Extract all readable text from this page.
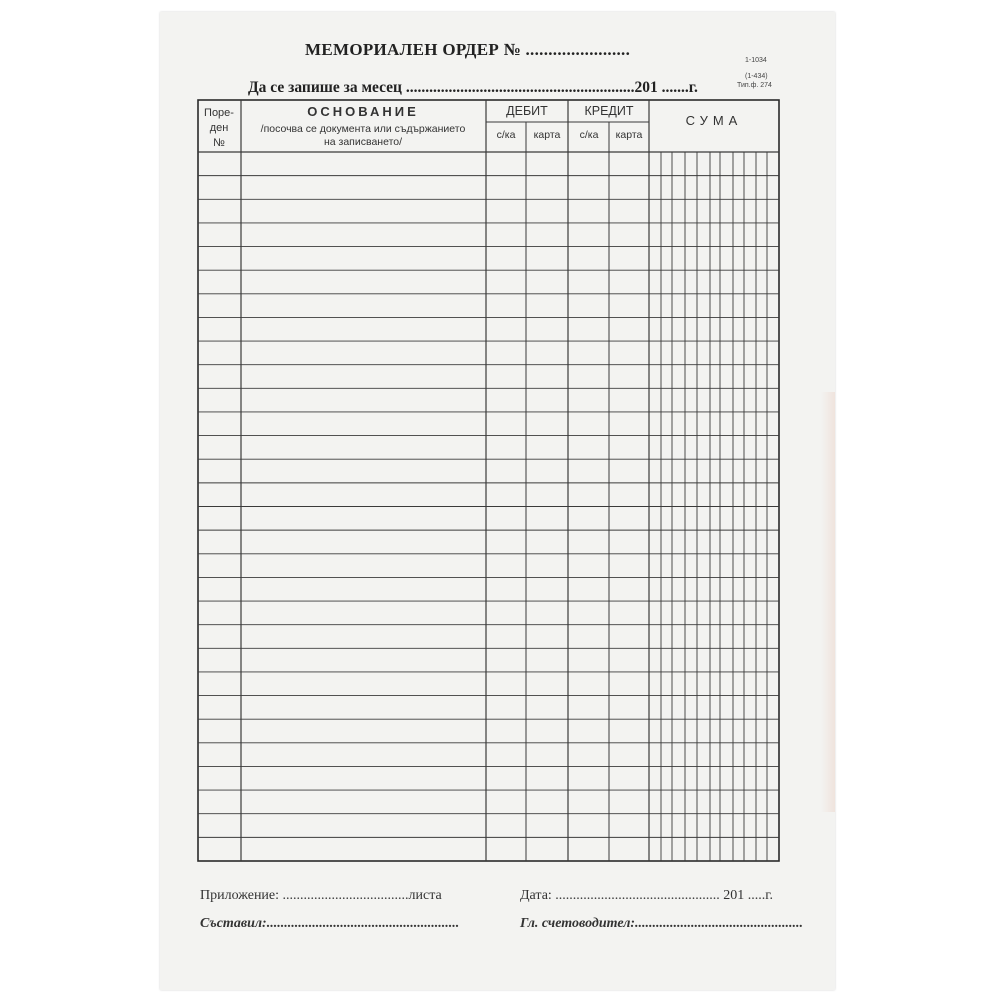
МЕМОРИАЛЕН ОРДЕР № .......................
1-1034
Да се запише за месец ...........................................................201 .......г.
(1-434)
Тип.ф. 274
Поре-
ден
№
ОСНОВАНИЕ
/посочва се документа или съдържанието
на записването/
ДЕБИТ	КРЕДИТ
с/ка	карта	с/ка	карта
СУМА
Приложение: ....................................листа	Дата: ............................................... 201 .....г.
Съставил:.......................................................	Гл. счетоводител:................................................
